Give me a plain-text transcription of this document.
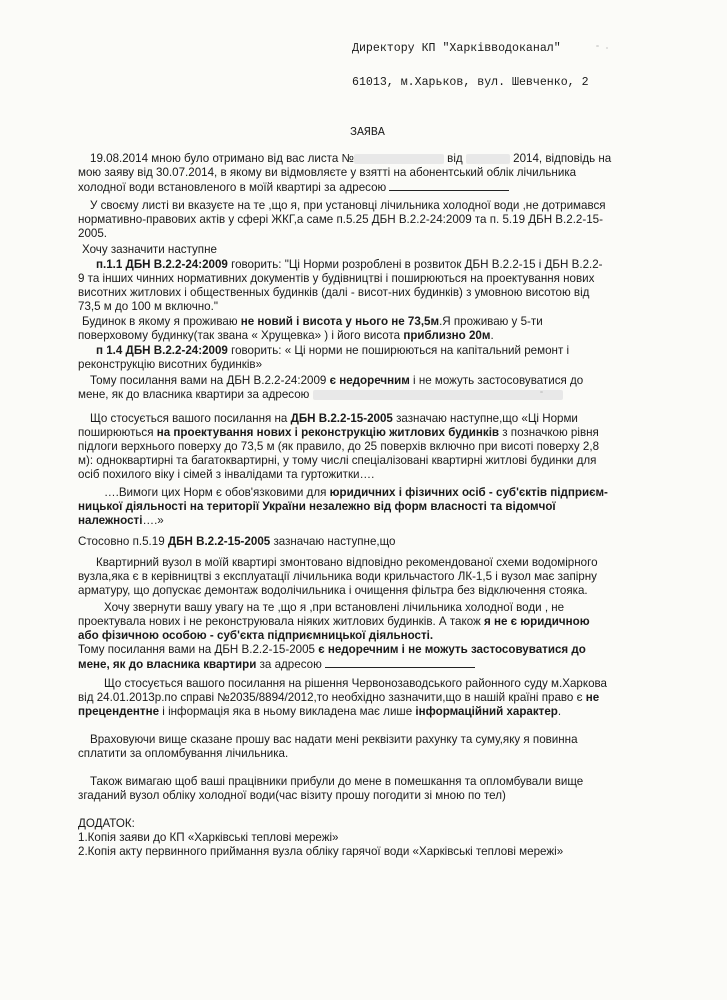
Директору КП "Харківводоканал"
61013, м.Харьков, вул. Шевченко, 2
ЗАЯВА
19.08.2014 мною було отримано від вас листа №	від	2014, відповідь на
мою заяву від 30.07.2014, в якому ви відмовляєте у взятті на абонентський облік лічильника
холодної води встановленого в моїй квартирі за адресою
У своєму листі ви вказуєте на те ,що я, при установці лічильника холодної води ,не дотримався
нормативно-правових актів у сфері ЖКГ,а саме п.5.25 ДБН В.2.2-24:2009 та п. 5.19 ДБН В.2.2-15-
2005.
Хочу зазначити наступне
п.1.1 ДБН В.2.2-24:2009 говорить: "Ці Норми розроблені в розвиток ДБН В.2.2-15 і ДБН В.2.2-
9 та інших чинних нормативних документів у будівництві і поширюються на проектування нових
висотних житлових і общественных будинків (далі - висот-них будинків) з умовною висотою від
73,5 м до 100 м включно."
Будинок в якому я проживаю не новий і висота у нього не 73,5м.Я проживаю у 5-ти
поверховому будинку(так звана « Хрущевка» ) і його висота приблизно 20м.
п 1.4 ДБН В.2.2-24:2009 говорить: « Ці норми не поширюються на капітальний ремонт і
реконструкцію висотних будинків»
Тому посилання вами на ДБН В.2.2-24:2009 є недоречним і не можуть застосовуватися до
мене, як до власника квартири за адресою
Що стосується вашого посилання на ДБН В.2.2-15-2005 зазначаю наступне,що «Ці Норми
поширюються на проектування нових і реконструкцію житлових будинків з позначкою рівня
підлоги верхнього поверху до 73,5 м (як правило, до 25 поверхів включно при висоті поверху 2,8
м): одноквартирні та багатоквартирні, у тому числі спеціалізовані квартирні житлові будинки для
осіб похилого віку і сімей з інвалідами та гуртожитки….
….Вимоги цих Норм є обов'язковими для юридичних і фізичних осіб - суб'єктів підприєм-
ницької діяльності на території України незалежно від форм власності та відомчої
належності….»
Стосовно п.5.19 ДБН В.2.2-15-2005 зазначаю наступне,що
Квартирний вузол в моїй квартирі змонтовано відповідно рекомендованої схеми водомірного
вузла,яка є в керівництві з експлуатації лічильника води крильчастого ЛК-1,5 і вузол має запірну
арматуру, що допускає демонтаж водолічильника і очищення фільтра без відключення стояка.
Хочу звернути вашу увагу на те ,що я ,при встановлені лічильника холодної води , не
проектувала нових і не реконструювала ніяких житлових будинків. А також я не є юридичною
або фізичною особою - суб'єкта підприємницької діяльності.
Тому посилання вами на ДБН В.2.2-15-2005 є недоречним і не можуть застосовуватися до
мене, як до власника квартири за адресою
Що стосується вашого посилання на рішення Червонозаводського районного суду м.Харкова
від 24.01.2013р.по справі №2035/8894/2012,то необхідно зазначити,що в нашій країні право є не
прецендентне і інформація яка в ньому викладена має лише інформаційний характер.
Враховуючи вище сказане прошу вас надати мені реквізити рахунку та суму,яку я повинна
сплатити за опломбування лічильника.
Також вимагаю щоб ваші працівники прибули до мене в помешкання та опломбували вище
згаданий вузол обліку холодної води(час візиту прошу погодити зі мною по тел)
ДОДАТОК:
1.Копія заяви до КП «Харківські теплові мережі»
2.Копія акту первинного приймання вузла обліку гарячої води «Харківські теплові мережі»
